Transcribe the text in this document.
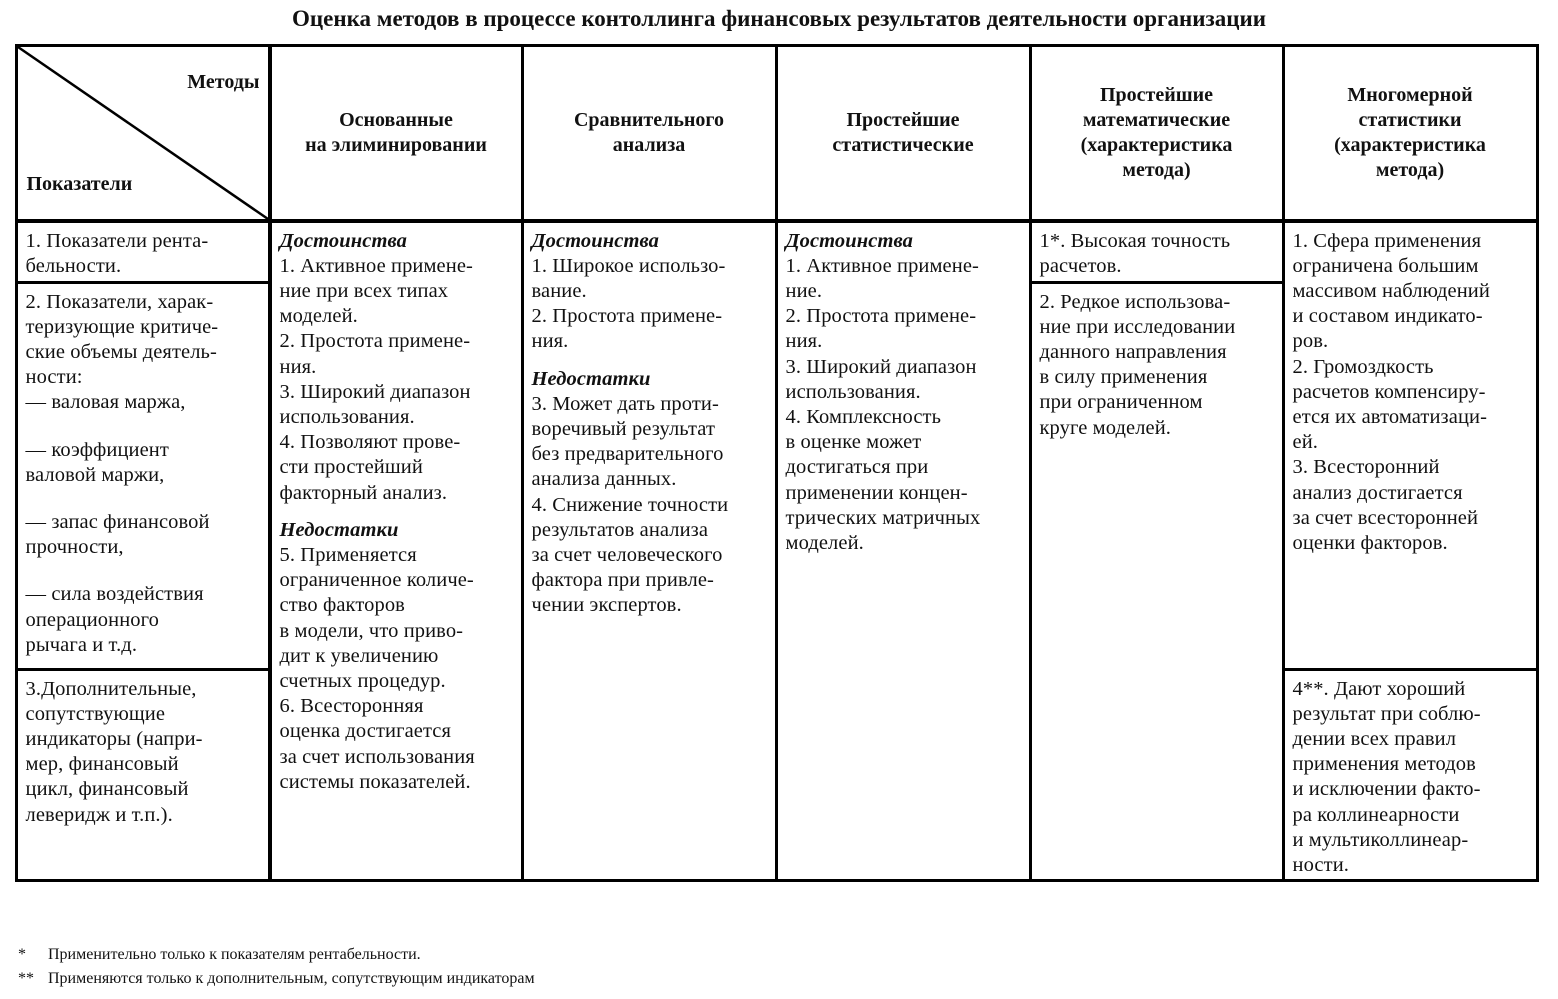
Оценка методов в процессе контоллинга финансовых результатов деятельности организации
Методы
Показатели
Основанные
на элиминировании
Сравнительного
анализа
Простейшие
статистические
Простейшие
математические
(характеристика
метода)
Многомерной
статистики
(характеристика
метода)
1. Показатели рента-
бельности.
2. Показатели, харак-
теризующие критиче-
ские объемы деятель-
ности:
— валовая маржа,
— коэффициент
валовой маржи,
— запас финансовой
прочности,
— сила воздействия
операционного
рычага и т.д.
3.Дополнительные,
сопутствующие
индикаторы (напри-
мер, финансовый
цикл, финансовый
леверидж и т.п.).
Достоинства
1. Активное примене-
ние при всех типах
моделей.
2. Простота примене-
ния.
3. Широкий диапазон
использования.
4. Позволяют прове-
сти простейший
факторный анализ.
Недостатки
5. Применяется
ограниченное количе-
ство факторов
в модели, что приво-
дит к увеличению
счетных процедур.
6. Всесторонняя
оценка достигается
за счет использования
системы показателей.
Достоинства
1. Широкое использо-
вание.
2. Простота примене-
ния.
Недостатки
3. Может дать проти-
воречивый результат
без предварительного
анализа данных.
4. Снижение точности
результатов анализа
за счет человеческого
фактора при привле-
чении экспертов.
Достоинства
1. Активное примене-
ние.
2. Простота примене-
ния.
3. Широкий диапазон
использования.
4. Комплексность
в оценке может
достигаться при
применении концен-
трических матричных
моделей.
1*. Высокая точность
расчетов.
2. Редкое использова-
ние при исследовании
данного направления
в силу применения
при ограниченном
круге моделей.
1. Сфера применения
ограничена большим
массивом наблюдений
и составом индикато-
ров.
2. Громоздкость
расчетов компенсиру-
ется их автоматизаци-
ей.
3. Всесторонний
анализ достигается
за счет всесторонней
оценки факторов.
4**. Дают хороший
результат при соблю-
дении всех правил
применения методов
и исключении факто-
ра коллинеарности
и мультиколлинеар-
ности.
* Применительно только к показателям рентабельности.
** Применяются только к дополнительным, сопутствующим индикаторам
